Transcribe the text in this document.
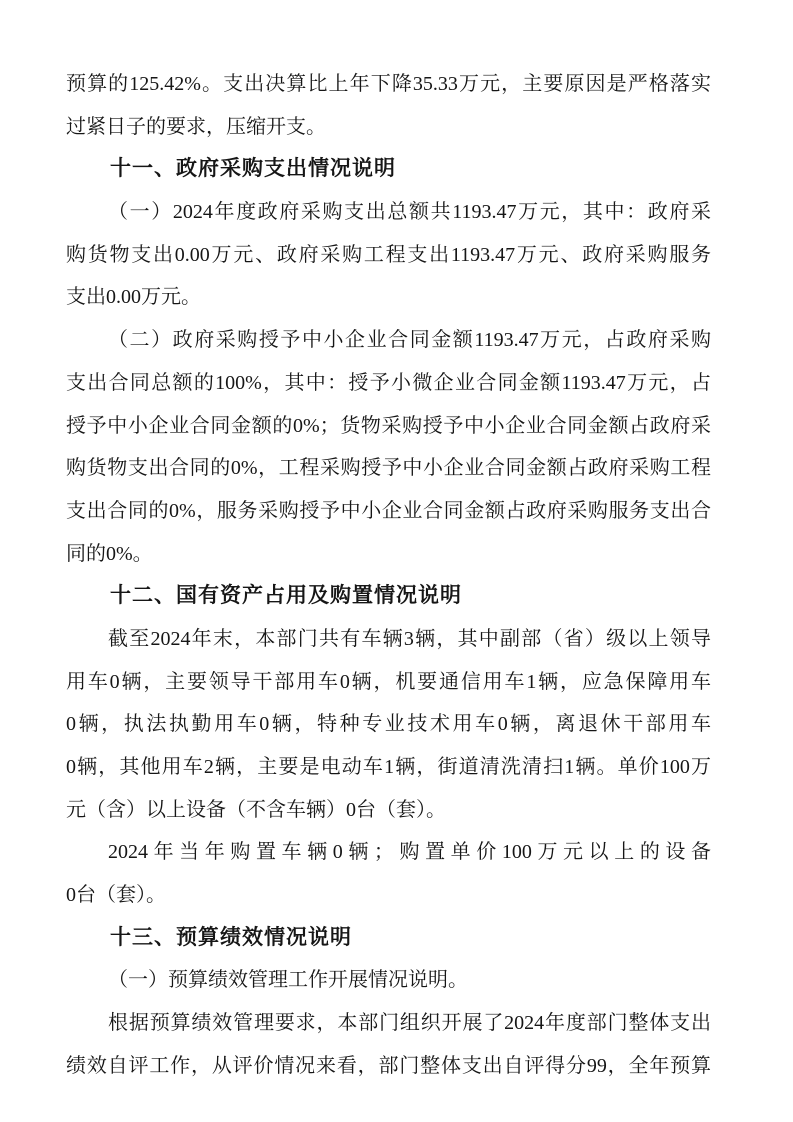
预算的125.42%。支出决算比上年下降35.33万元，主要原因是严格落实
过紧日子的要求，压缩开支。
十一、政府采购支出情况说明
（一）2024年度政府采购支出总额共1193.47万元，其中：政府采
购货物支出0.00万元、政府采购工程支出1193.47万元、政府采购服务
支出0.00万元。
（二）政府采购授予中小企业合同金额1193.47万元，占政府采购
支出合同总额的100%，其中：授予小微企业合同金额1193.47万元，占
授予中小企业合同金额的0%；货物采购授予中小企业合同金额占政府采
购货物支出合同的0%，工程采购授予中小企业合同金额占政府采购工程
支出合同的0%，服务采购授予中小企业合同金额占政府采购服务支出合
同的0%。
十二、国有资产占用及购置情况说明
截至2024年末，本部门共有车辆3辆，其中副部（省）级以上领导
用车0辆，主要领导干部用车0辆，机要通信用车1辆，应急保障用车
0辆，执法执勤用车0辆，特种专业技术用车0辆，离退休干部用车
0辆，其他用车2辆，主要是电动车1辆，街道清洗清扫1辆。单价100万
元（含）以上设备（不含车辆）0台（套）。
2024年当年购置车辆0辆；购置单价100万元以上的设备
0台（套）。
十三、预算绩效情况说明
（一）预算绩效管理工作开展情况说明。
根据预算绩效管理要求，本部门组织开展了2024年度部门整体支出
绩效自评工作，从评价情况来看，部门整体支出自评得分99，全年预算
